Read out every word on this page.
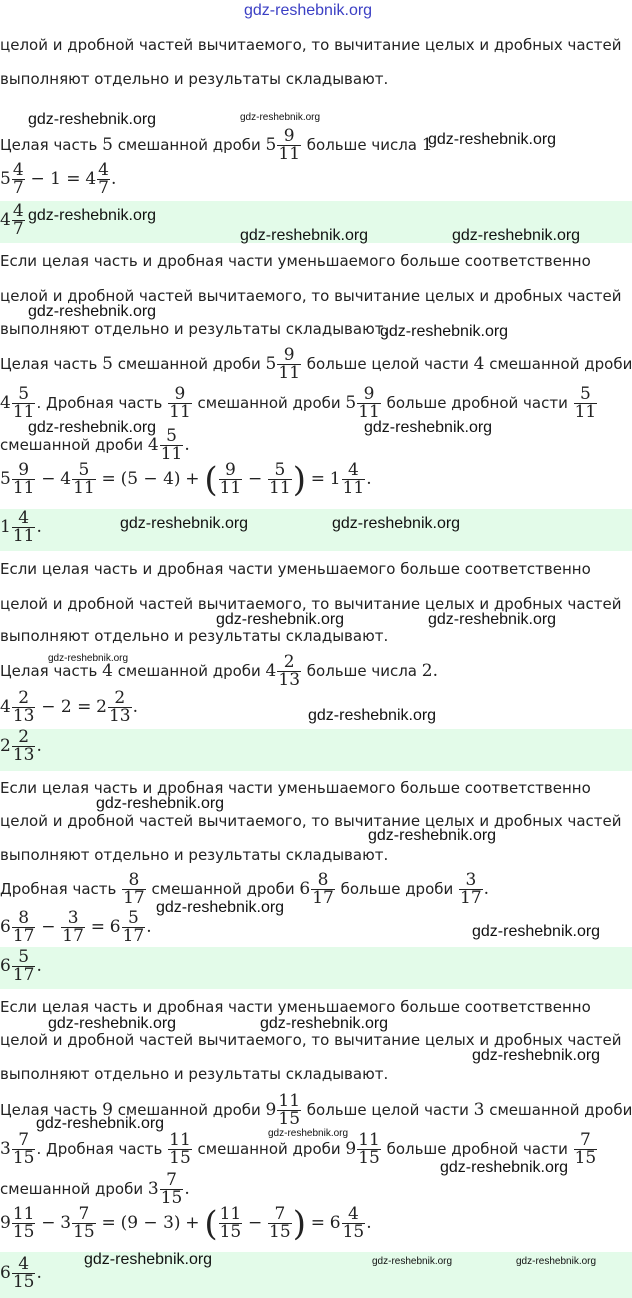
gdz-reshebnik.org
целой и дробной частей вычитаемого, то вычитание целых и дробных частей
выполняют отдельно и результаты складывают.
Целая часть 5 смешанной дроби $5 \frac{9}{11}$ больше числа 1
$5 \frac{4}{7} - 1 = 4 \frac{4}{7}$ .
$4 \frac{4}{7}$
Если целая часть и дробная части уменьшаемого больше соответственно
целой и дробной частей вычитаемого, то вычитание целых и дробных частей
выполняют отдельно и результаты складывают.
Целая часть 5 смешанной дроби $5 \frac{9}{11}$ больше целой части 4 смешанной дроби
$4 \frac{5}{11}$ . Дробная часть $\frac{9}{11}$ смешанной дроби $5 \frac{9}{11}$ больше дробной части $\frac{5}{11}$
смешанной дроби $4 \frac{5}{11}$ .
$5 \frac{9}{11} - 4 \frac{5}{11} = (5 - 4)$ + ( $\frac{9}{11} - \frac{5}{11}$ ) = $1 \frac{4}{11}$ .
$1 \frac{4}{11}$ .
Если целая часть и дробная части уменьшаемого больше соответственно
целой и дробной частей вычитаемого, то вычитание целых и дробных частей
выполняют отдельно и результаты складывают.
Целая часть 4 смешанной дроби $4 \frac{2}{13}$ больше числа 2.
$4 \frac{2}{13} - 2 = 2 \frac{2}{13}$ .
$2 \frac{2}{13}$ .
Если целая часть и дробная части уменьшаемого больше соответственно
целой и дробной частей вычитаемого, то вычитание целых и дробных частей
выполняют отдельно и результаты складывают.
Дробная часть $\frac{8}{17}$ смешанной дроби $6 \frac{8}{17}$ больше дроби $\frac{3}{17}$ .
$6 \frac{8}{17} - \frac{3}{17} = 6 \frac{5}{17}$ .
$6 \frac{5}{17}$ .
Если целая часть и дробная части уменьшаемого больше соответственно
целой и дробной частей вычитаемого, то вычитание целых и дробных частей
выполняют отдельно и результаты складывают.
Целая часть 9 смешанной дроби $9 \frac{11}{15}$ больше целой части 3 смешанной дроби
$3 \frac{7}{15}$ . Дробная часть $\frac{11}{15}$ смешанной дроби $9 \frac{11}{15}$ больше дробной части $\frac{7}{15}$
смешанной дроби $3 \frac{7}{15}$ .
$9 \frac{11}{15} - 3 \frac{7}{15} = (9 - 3)$ + ( $\frac{11}{15} - \frac{7}{15}$ ) = $6 \frac{4}{15}$ .
$6 \frac{4}{15}$ .
gdz-reshebnik.org	gdz-reshebnik.org
gdz-reshebnik.org
gdz-reshebnik.org
gdz-reshebnik.org	gdz-reshebnik.org
gdz-reshebnik.org
gdz-reshebnik.org
gdz-reshebnik.org	gdz-reshebnik.org
gdz-reshebnik.org	gdz-reshebnik.org
gdz-reshebnik.org	gdz-reshebnik.org
gdz-reshebnik.org
gdz-reshebnik.org
gdz-reshebnik.org
gdz-reshebnik.org
gdz-reshebnik.org
gdz-reshebnik.org
gdz-reshebnik.org	gdz-reshebnik.org
gdz-reshebnik.org
gdz-reshebnik.org
gdz-reshebnik.org
gdz-reshebnik.org
gdz-reshebnik.org	gdz-reshebnik.org	gdz-reshebnik.org
